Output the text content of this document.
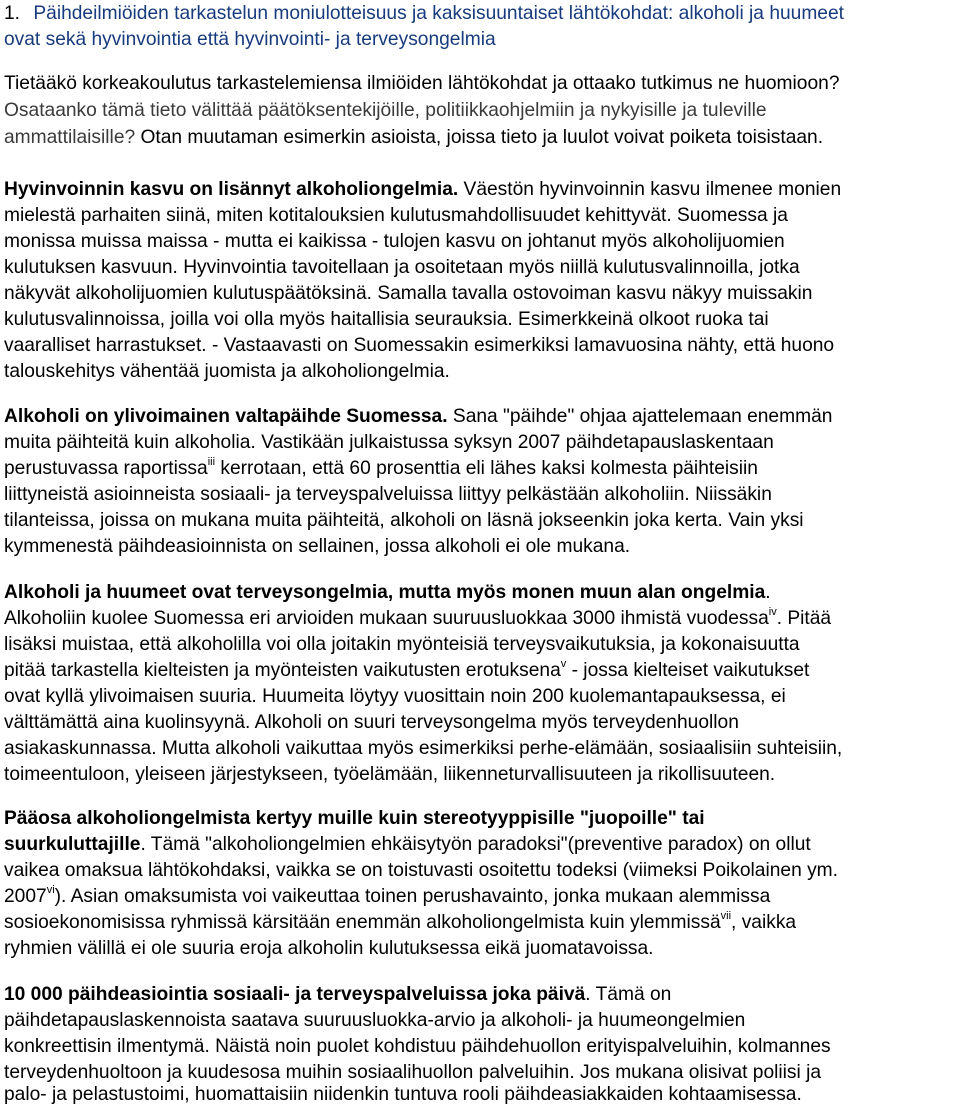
1. Päihdeilmiöiden tarkastelun moniulotteisuus ja kaksisuuntaiset lähtökohdat: alkoholi ja huumeet
ovat sekä hyvinvointia että hyvinvointi- ja terveysongelmia
Tietääkö korkeakoulutus tarkastelemiensa ilmiöiden lähtökohdat ja ottaako tutkimus ne huomioon?
Osataanko tämä tieto välittää päätöksentekijöille, politiikkaohjelmiin ja nykyisille ja tuleville
ammattilaisille? Otan muutaman esimerkin asioista, joissa tieto ja luulot voivat poiketa toisistaan.
Hyvinvoinnin kasvu on lisännyt alkoholiongelmia. Väestön hyvinvoinnin kasvu ilmenee monien
mielestä parhaiten siinä, miten kotitalouksien kulutusmahdollisuudet kehittyvät. Suomessa ja
monissa muissa maissa - mutta ei kaikissa - tulojen kasvu on johtanut myös alkoholijuomien
kulutuksen kasvuun. Hyvinvointia tavoitellaan ja osoitetaan myös niillä kulutusvalinnoilla, jotka
näkyvät alkoholijuomien kulutuspäätöksinä. Samalla tavalla ostovoiman kasvu näkyy muissakin
kulutusvalinnoissa, joilla voi olla myös haitallisia seurauksia. Esimerkkeinä olkoot ruoka tai
vaaralliset harrastukset. - Vastaavasti on Suomessakin esimerkiksi lamavuosina nähty, että huono
talouskehitys vähentää juomista ja alkoholiongelmia.
Alkoholi on ylivoimainen valtapäihde Suomessa. Sana "päihde" ohjaa ajattelemaan enemmän
muita päihteitä kuin alkoholia. Vastikään julkaistussa syksyn 2007 päihdetapauslaskentaan
perustuvassa raportissa$^{iii}$ kerrotaan, että 60 prosenttia eli lähes kaksi kolmesta päihteisiin
liittyneistä asioinneista sosiaali- ja terveyspalveluissa liittyy pelkästään alkoholiin. Niissäkin
tilanteissa, joissa on mukana muita päihteitä, alkoholi on läsnä jokseenkin joka kerta. Vain yksi
kymmenestä päihdeasioinnista on sellainen, jossa alkoholi ei ole mukana.
Alkoholi ja huumeet ovat terveysongelmia, mutta myös monen muun alan ongelmia.
Alkoholiin kuolee Suomessa eri arvioiden mukaan suuruusluokkaa 3000 ihmistä vuodessa$^{iv}$. Pitää
lisäksi muistaa, että alkoholilla voi olla joitakin myönteisiä terveysvaikutuksia, ja kokonaisuutta
pitää tarkastella kielteisten ja myönteisten vaikutusten erotuksena$^v$ - jossa kielteiset vaikutukset
ovat kyllä ylivoimaisen suuria. Huumeita löytyy vuosittain noin 200 kuolemantapauksessa, ei
välttämättä aina kuolinsyynä. Alkoholi on suuri terveysongelma myös terveydenhuollon
asiakaskunnassa. Mutta alkoholi vaikuttaa myös esimerkiksi perhe-elämään, sosiaalisiin suhteisiin,
toimeentuloon, yleiseen järjestykseen, työelämään, liikenneturvallisuuteen ja rikollisuuteen.
Pääosa alkoholiongelmista kertyy muille kuin stereotyyppisille "juopoille" tai
suurkuluttajille. Tämä "alkoholiongelmien ehkäisytyön paradoksi"(preventive paradox) on ollut
vaikea omaksua lähtökohdaksi, vaikka se on toistuvasti osoitettu todeksi (viimeksi Poikolainen ym.
2007$^{vi}$). Asian omaksumista voi vaikeuttaa toinen perushavainto, jonka mukaan alemmissa
sosioekonomisissa ryhmissä kärsitään enemmän alkoholiongelmista kuin ylemmissä$^{vii}$, vaikka
ryhmien välillä ei ole suuria eroja alkoholin kulutuksessa eikä juomatavoissa.
10 000 päihdeasiointia sosiaali- ja terveyspalveluissa joka päivä. Tämä on
päihdetapauslaskennoista saatava suuruusluokka-arvio ja alkoholi- ja huumeongelmien
konkreettisin ilmentymä. Näistä noin puolet kohdistuu päihdehuollon erityispalveluihin, kolmannes
terveydenhuoltoon ja kuudesosa muihin sosiaalihuollon palveluihin. Jos mukana olisivat poliisi ja
palo- ja pelastustoimi, huomattaisiin niidenkin tuntuva rooli päihdeasiakkaiden kohtaamisessa.
